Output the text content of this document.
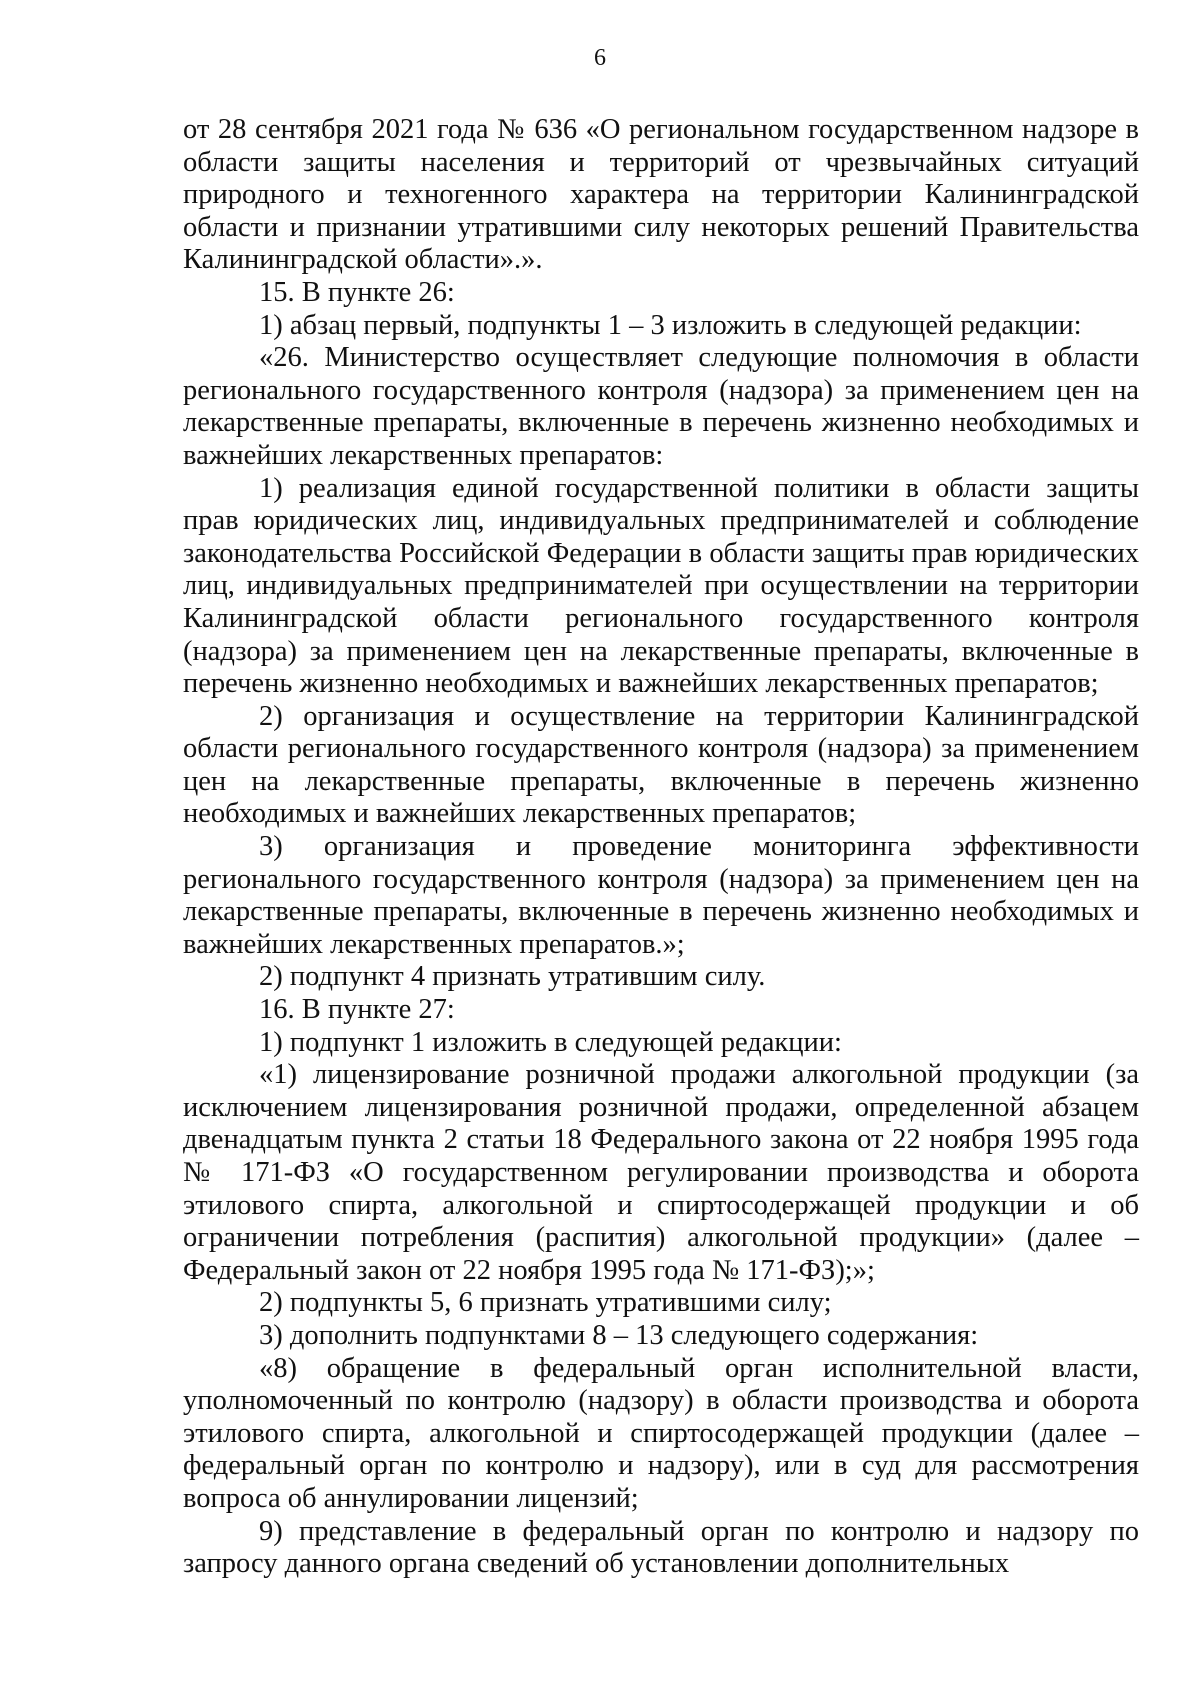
6

от 28 сентября 2021 года № 636 «О региональном государственном надзоре в области защиты населения и территорий от чрезвычайных ситуаций природного и техногенного характера на территории Калининградской области и признании утратившими силу некоторых решений Правительства Калининградской области».».

15. В пункте 26:

1) абзац первый, подпункты 1 – 3 изложить в следующей редакции:

«26. Министерство осуществляет следующие полномочия в области регионального государственного контроля (надзора) за применением цен на лекарственные препараты, включенные в перечень жизненно необходимых и важнейших лекарственных препаратов:

1) реализация единой государственной политики в области защиты прав юридических лиц, индивидуальных предпринимателей и соблюдение законодательства Российской Федерации в области защиты прав юридических лиц, индивидуальных предпринимателей при осуществлении на территории Калининградской области регионального государственного контроля (надзора) за применением цен на лекарственные препараты, включенные в перечень жизненно необходимых и важнейших лекарственных препаратов;

2) организация и осуществление на территории Калининградской области регионального государственного контроля (надзора) за применением цен на лекарственные препараты, включенные в перечень жизненно необходимых и важнейших лекарственных препаратов;

3) организация и проведение мониторинга эффективности регионального государственного контроля (надзора) за применением цен на лекарственные препараты, включенные в перечень жизненно необходимых и важнейших лекарственных препаратов.»;

2) подпункт 4 признать утратившим силу.

16. В пункте 27:

1) подпункт 1 изложить в следующей редакции:

«1) лицензирование розничной продажи алкогольной продукции (за исключением лицензирования розничной продажи, определенной абзацем двенадцатым пункта 2 статьи 18 Федерального закона от 22 ноября 1995 года № 171-ФЗ «О государственном регулировании производства и оборота этилового спирта, алкогольной и спиртосодержащей продукции и об ограничении потребления (распития) алкогольной продукции» (далее – Федеральный закон от 22 ноября 1995 года № 171-ФЗ);»;

2) подпункты 5, 6 признать утратившими силу;

3) дополнить подпунктами 8 – 13 следующего содержания:

«8) обращение в федеральный орган исполнительной власти, уполномоченный по контролю (надзору) в области производства и оборота этилового спирта, алкогольной и спиртосодержащей продукции (далее – федеральный орган по контролю и надзору), или в суд для рассмотрения вопроса об аннулировании лицензий;

9) представление в федеральный орган по контролю и надзору по запросу данного органа сведений об установлении дополнительных
